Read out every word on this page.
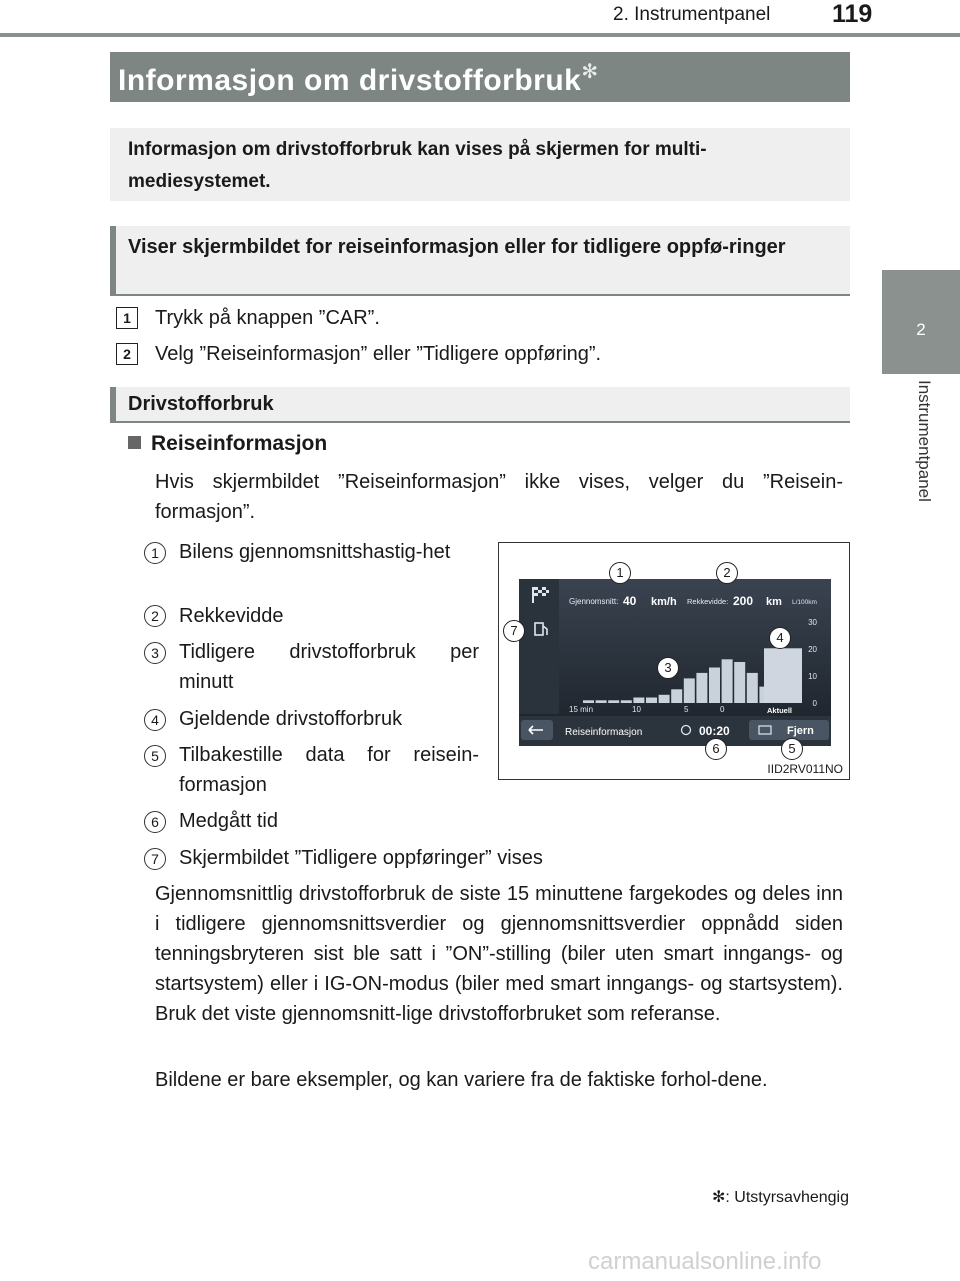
2. Instrumentpanel 119
2
Instrumentpanel
Informasjon om drivstofforbruk✻
Informasjon om drivstofforbruk kan vises på skjermen for multi-mediesystemet.
Viser skjermbildet for reiseinformasjon eller for tidligere oppfø-ringer
1	Trykk på knappen ”CAR”.
2	Velg ”Reiseinformasjon” eller ”Tidligere oppføring”.
Drivstofforbruk
Reiseinformasjon
Hvis skjermbildet ”Reiseinformasjon” ikke vises, velger du ”Reisein-formasjon”.
1	Bilens gjennomsnittshastig-het
2	Rekkevidde
3	Tidligere drivstofforbruk per minutt
4	Gjeldende drivstofforbruk
5	Tilbakestille data for reisein-formasjon
6	Medgått tid
7	Skjermbildet ”Tidligere oppføringer” vises
Gjennomsnittlig drivstofforbruk de siste 15 minuttene fargekodes og deles inn i tidligere gjennomsnittsverdier og gjennomsnittsverdier oppnådd siden tenningsbryteren sist ble satt i ”ON”-stilling (biler uten smart inngangs- og startsystem) eller i IG-ON-modus (biler med smart inngangs- og startsystem). Bruk det viste gjennomsnitt-lige drivstofforbruket som referanse.
Bildene er bare eksempler, og kan variere fra de faktiske forhol-dene.
Gjennomsnitt: 40 km/h Rekkevidde: 200 km L/100km
30
20
10
0
15 min	10	5	0	Aktuell
Reiseinformasjon	00:20	Fjern
1	2
3
4
5
6
7
IID2RV011NO
✻: Utstyrsavhengig
carmanualsonline.info
